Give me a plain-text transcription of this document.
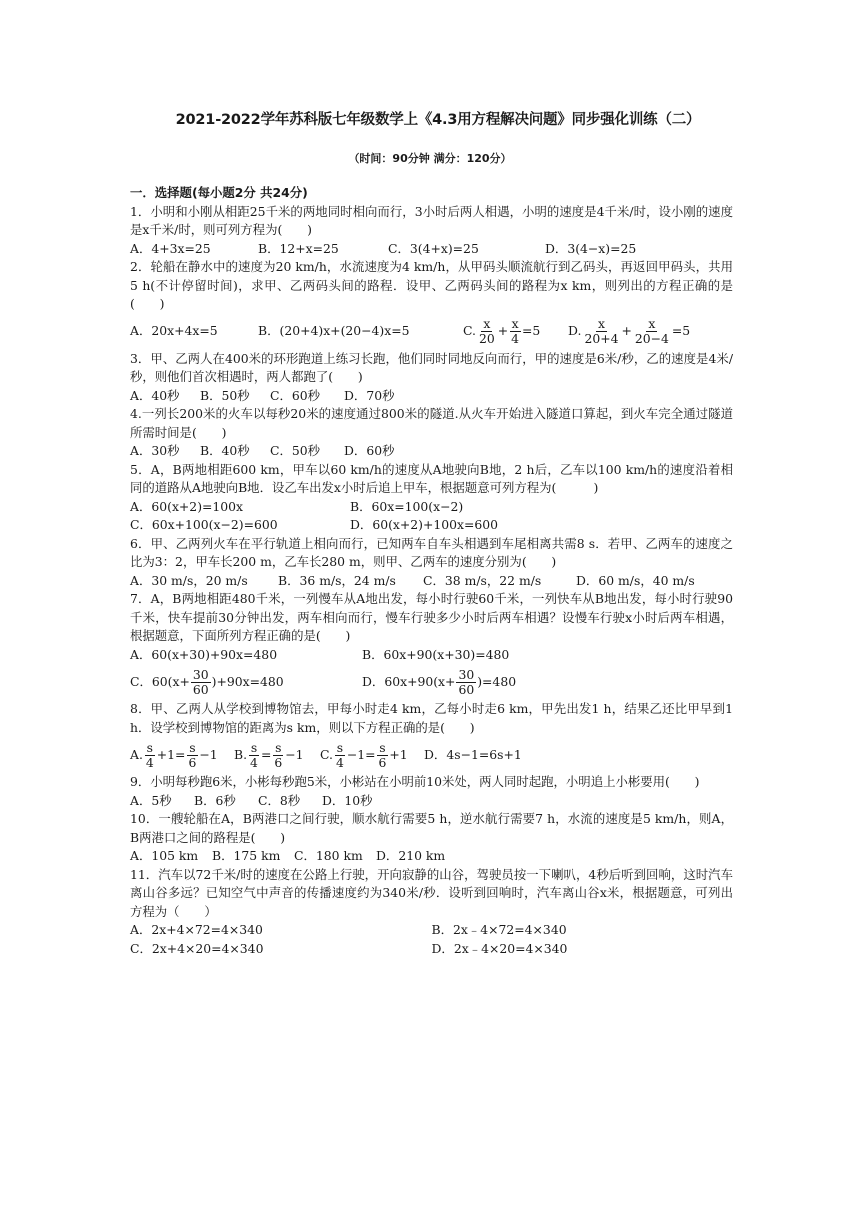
2021-2022学年苏科版七年级数学上《4.3用方程解决问题》同步强化训练（二）
（时间：90分钟 满分：120分）
一．选择题(每小题2分 共24分)

1．小明和小刚从相距25千米的两地同时相向而行，3小时后两人相遇，小明的速度是4千米/时，设小刚的速度是x千米/时，则可列方程为(　　)

A．4+3x=25	B．12+x=25	C．3(4+x)=25	D．3(4−x)=25

2．轮船在静水中的速度为20 km/h，水流速度为4 km/h，从甲码头顺流航行到乙码头，再返回甲码头，共用5 h(不计停留时间)，求甲、乙两码头间的路程．设甲、乙两码头间的路程为x km，则列出的方程正确的是(　　)

A．20x+4x=5	B．(20+4)x+(20−4)x=5	C. $\frac{x}{20} + \frac{x}{4} =5$	D. $\frac{x}{20+4} + \frac{x}{20-4} =5$

3．甲、乙两人在400米的环形跑道上练习长跑，他们同时同地反向而行，甲的速度是6米/秒，乙的速度是4米/秒，则他们首次相遇时，两人都跑了(　　)

A．40秒	B．50秒	C．60秒	D．70秒

4.一列长200米的火车以每秒20米的速度通过800米的隧道.从火车开始进入隧道口算起，到火车完全通过隧道所需时间是(　　)

A．30秒	B．40秒	C．50秒	D．60秒

5．A，B两地相距600 km，甲车以60 km/h的速度从A地驶向B地，2 h后，乙车以100 km/h的速度沿着相同的道路从A地驶向B地．设乙车出发x小时后追上甲车，根据题意可列方程为(　　　)

A．60(x+2)=100x	B．60x=100(x−2)
C．60x+100(x−2)=600	D．60(x+2)+100x=600

6．甲、乙两列火车在平行轨道上相向而行，已知两车自车头相遇到车尾相离共需8 s．若甲、乙两车的速度之比为3：2，甲车长200 m，乙车长280 m，则甲、乙两车的速度分别为(　　)

A．30 m/s，20 m/s	B．36 m/s，24 m/s	C．38 m/s，22 m/s	D．60 m/s，40 m/s

7．A，B两地相距480千米，一列慢车从A地出发，每小时行驶60千米，一列快车从B地出发，每小时行驶90千米，快车提前30分钟出发，两车相向而行，慢车行驶多少小时后两车相遇？设慢车行驶x小时后两车相遇，根据题意，下面所列方程正确的是(　　)

A．60(x+30)+90x=480	B．60x+90(x+30)=480
C．$60(x+ \frac{30}{60} )+90x=480$	D．$60x+90(x+ \frac{30}{60} )=480$

8．甲、乙两人从学校到博物馆去，甲每小时走4 km，乙每小时走6 km，甲先出发1 h，结果乙还比甲早到1 h．设学校到博物馆的距离为s km，则以下方程正确的是(　　)

A. $\frac{s}{4} +1= \frac{s}{6} -1$	B. $\frac{s}{4} = \frac{s}{6} -1$	C. $\frac{s}{4} -1= \frac{s}{6} +1$	D．4s−1=6s+1

9．小明每秒跑6米，小彬每秒跑5米，小彬站在小明前10米处，两人同时起跑，小明追上小彬要用(　　)

A．5秒	B．6秒	C．8秒	D．10秒

10．一艘轮船在A，B两港口之间行驶，顺水航行需要5 h，逆水航行需要7 h，水流的速度是5 km/h，则A，B两港口之间的路程是(　　)

A．105 km	B．175 km	C．180 km	D．210 km

11．汽车以72千米/时的速度在公路上行驶，开向寂静的山谷，驾驶员按一下喇叭，4秒后听到回响，这时汽车离山谷多远？已知空气中声音的传播速度约为340米/秒．设听到回响时，汽车离山谷x米，根据题意，可列出方程为（　　）

A．2x+4×72=4×340	B．2x﹣4×72=4×340
C．2x+4×20=4×340	D．2x﹣4×20=4×340
